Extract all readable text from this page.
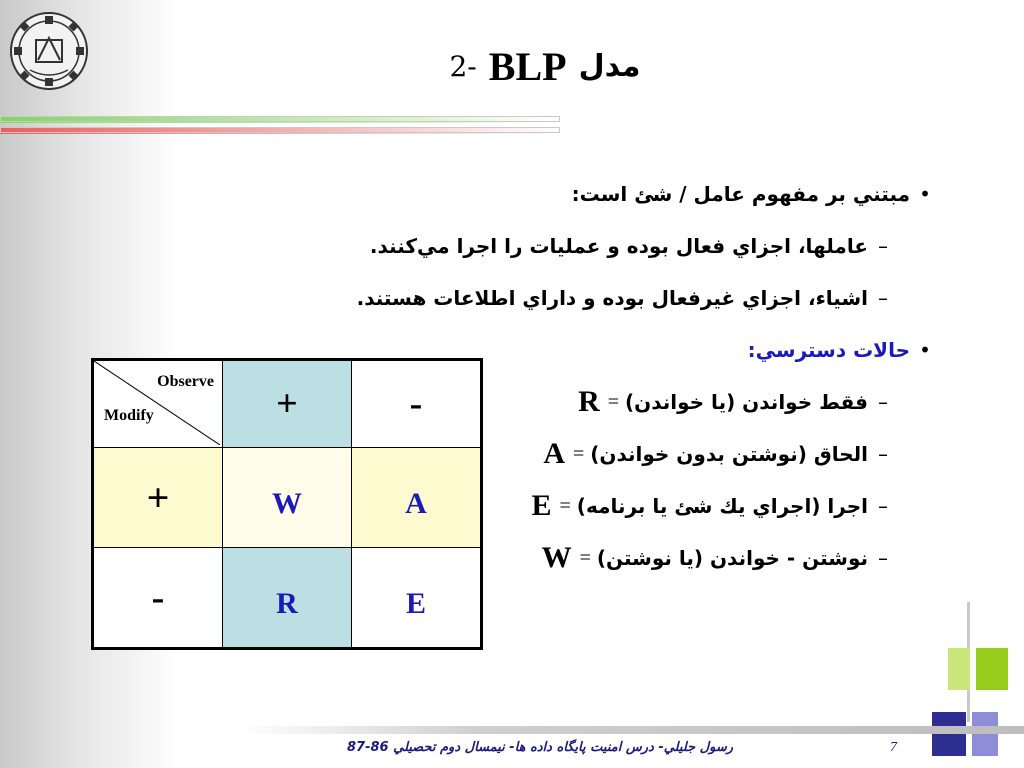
2- BLP مدل
•
مبتني بر مفهوم عامل / شئ است:
–
عاملها، اجزاي فعال بوده و عمليات را اجرا مي‌كنند.
–
اشياء، اجزاي غيرفعال بوده و داراي اطلاعات هستند.
•
حالات دسترسي:
–
فقط خواندن (يا خواندن)
=
R
–
الحاق (نوشتن بدون خواندن)
=
A
–
اجرا (اجراي يك شئ يا برنامه)
=
E
–
نوشتن - خواندن (يا نوشتن)
=
W
Observe
Modify	+	-
+	W	A
-	R	E
رسول جليلي- درس امنيت پايگاه داده ها- نيمسال دوم تحصيلي 86-87	7
